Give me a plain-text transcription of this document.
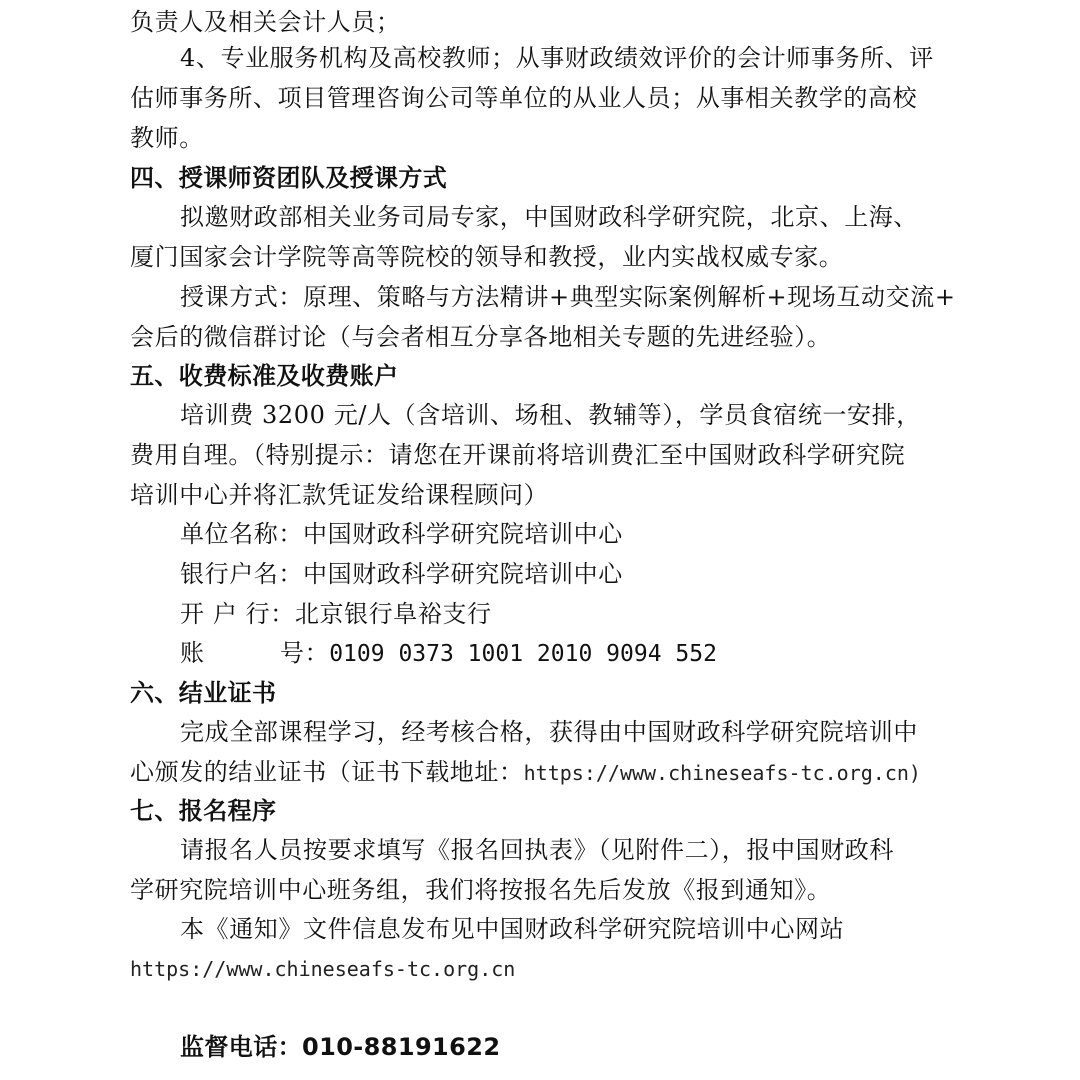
负责人及相关会计人员；
4、专业服务机构及高校教师；从事财政绩效评价的会计师事务所、评
估师事务所、项目管理咨询公司等单位的从业人员；从事相关教学的高校
教师。
四、授课师资团队及授课方式
拟邀财政部相关业务司局专家，中国财政科学研究院，北京、上海、
厦门国家会计学院等高等院校的领导和教授，业内实战权威专家。
授课方式：原理、策略与方法精讲+典型实际案例解析+现场互动交流+
会后的微信群讨论（与会者相互分享各地相关专题的先进经验）。
五、收费标准及收费账户
培训费 3200 元/人（含培训、场租、教辅等），学员食宿统一安排，
费用自理。（特别提示：请您在开课前将培训费汇至中国财政科学研究院
培训中心并将汇款凭证发给课程顾问）
单位名称：中国财政科学研究院培训中心
银行户名：中国财政科学研究院培训中心
开 户 行：北京银行阜裕支行
账	号：0109 0373 1001 2010 9094 552
六、结业证书
完成全部课程学习，经考核合格，获得由中国财政科学研究院培训中
心颁发的结业证书（证书下载地址：https://www.chineseafs-tc.org.cn)
七、报名程序
请报名人员按要求填写《报名回执表》（见附件二），报中国财政科
学研究院培训中心班务组，我们将按报名先后发放《报到通知》。
本《通知》文件信息发布见中国财政科学研究院培训中心网站
https://www.chineseafs-tc.org.cn
监督电话：010-88191622
